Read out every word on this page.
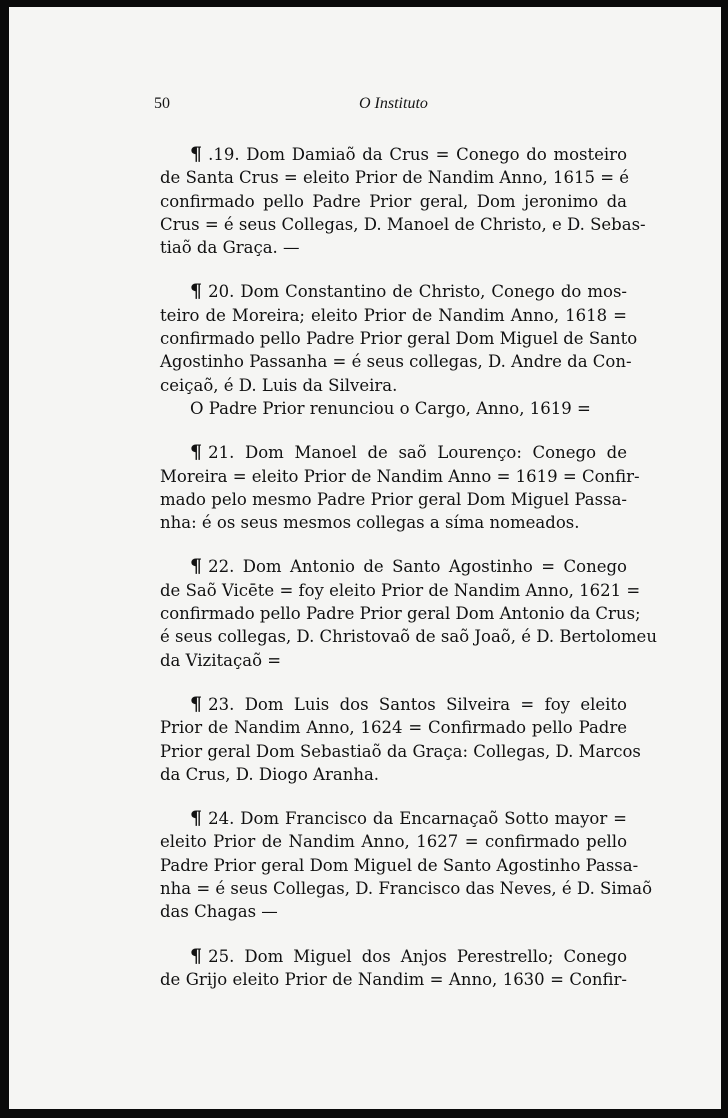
50	O Instituto
¶ .19. Dom Damiaõ da Crus = Conego do mosteiro
de Santa Crus = eleito Prior de Nandim Anno, 1615 = é
confirmado pello Padre Prior geral, Dom jeronimo da
Crus = é seus Collegas, D. Manoel de Christo, e D. Sebas-
tiaõ da Graça. —
¶ 20. Dom Constantino de Christo, Conego do mos-
teiro de Moreira; eleito Prior de Nandim Anno, 1618 =
confirmado pello Padre Prior geral Dom Miguel de Santo
Agostinho Passanha = é seus collegas, D. Andre da Con-
ceiçaõ, é D. Luis da Silveira.
O Padre Prior renunciou o Cargo, Anno, 1619 =
¶ 21. Dom Manoel de saõ Lourenço: Conego de
Moreira = eleito Prior de Nandim Anno = 1619 = Confir-
mado pelo mesmo Padre Prior geral Dom Miguel Passa-
nha: é os seus mesmos collegas a síma nomeados.
¶ 22. Dom Antonio de Santo Agostinho = Conego
de Saõ Vicēte = foy eleito Prior de Nandim Anno, 1621 =
confirmado pello Padre Prior geral Dom Antonio da Crus;
é seus collegas, D. Christovaõ de saõ Joaõ, é D. Bertolomeu
da Vizitaçaõ =
¶ 23. Dom Luis dos Santos Silveira = foy eleito
Prior de Nandim Anno, 1624 = Confirmado pello Padre
Prior geral Dom Sebastiaõ da Graça: Collegas, D. Marcos
da Crus, D. Diogo Aranha.
¶ 24. Dom Francisco da Encarnaçaõ Sotto mayor =
eleito Prior de Nandim Anno, 1627 = confirmado pello
Padre Prior geral Dom Miguel de Santo Agostinho Passa-
nha = é seus Collegas, D. Francisco das Neves, é D. Simaõ
das Chagas —
¶ 25. Dom Miguel dos Anjos Perestrello; Conego
de Grijo eleito Prior de Nandim = Anno, 1630 = Confir-
